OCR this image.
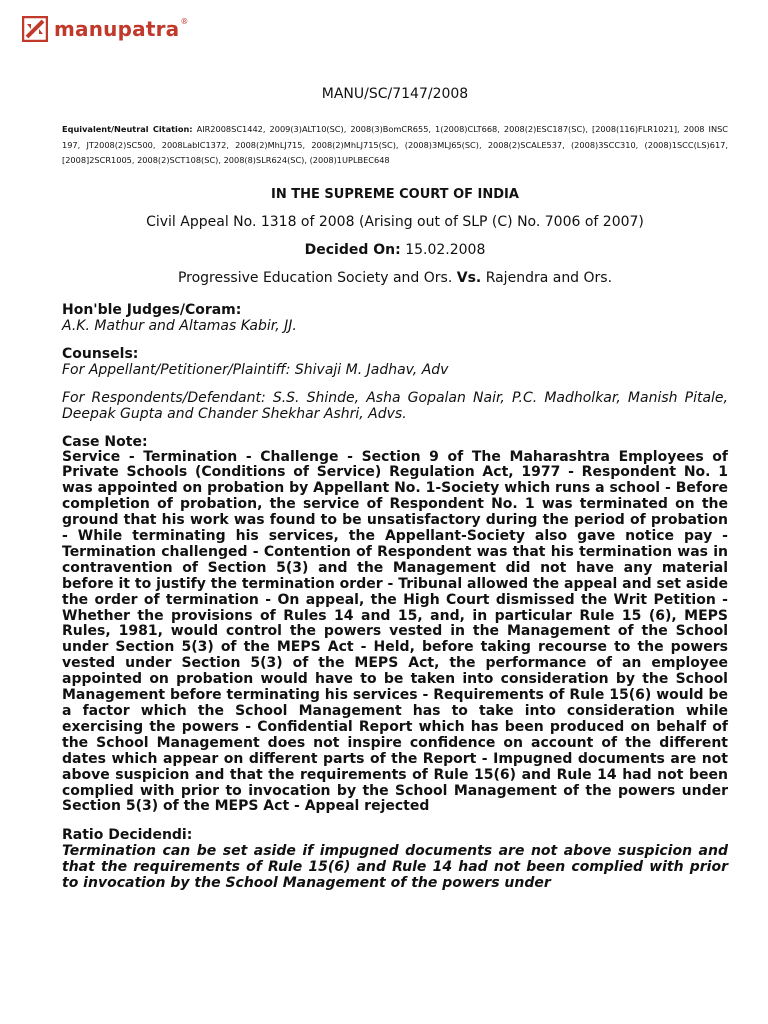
manupatra ®
MANU/SC/7147/2008
Equivalent/Neutral Citation: AIR2008SC1442, 2009(3)ALT10(SC), 2008(3)BomCR655, 1(2008)CLT668, 2008(2)ESC187(SC), [2008(116)FLR1021], 2008 INSC 197, JT2008(2)SC500, 2008LabIC1372, 2008(2)MhLJ715, 2008(2)MhLJ715(SC), (2008)3MLJ65(SC), 2008(2)SCALE537, (2008)3SCC310, (2008)1SCC(LS)617, [2008]2SCR1005, 2008(2)SCT108(SC), 2008(8)SLR624(SC), (2008)1UPLBEC648
IN THE SUPREME COURT OF INDIA
Civil Appeal No. 1318 of 2008 (Arising out of SLP (C) No. 7006 of 2007)
Decided On: 15.02.2008
Progressive Education Society and Ors. Vs. Rajendra and Ors.
Hon'ble Judges/Coram:
A.K. Mathur and Altamas Kabir, JJ.
Counsels:
For Appellant/Petitioner/Plaintiff: Shivaji M. Jadhav, Adv
For Respondents/Defendant: S.S. Shinde, Asha Gopalan Nair, P.C. Madholkar, Manish Pitale, Deepak Gupta and Chander Shekhar Ashri, Advs.
Case Note:
Service - Termination - Challenge - Section 9 of The Maharashtra Employees of Private Schools (Conditions of Service) Regulation Act, 1977 - Respondent No. 1 was appointed on probation by Appellant No. 1-Society which runs a school - Before completion of probation, the service of Respondent No. 1 was terminated on the ground that his work was found to be unsatisfactory during the period of probation - While terminating his services, the Appellant-Society also gave notice pay - Termination challenged - Contention of Respondent was that his termination was in contravention of Section 5(3) and the Management did not have any material before it to justify the termination order - Tribunal allowed the appeal and set aside the order of termination - On appeal, the High Court dismissed the Writ Petition - Whether the provisions of Rules 14 and 15, and, in particular Rule 15 (6), MEPS Rules, 1981, would control the powers vested in the Management of the School under Section 5(3) of the MEPS Act - Held, before taking recourse to the powers vested under Section 5(3) of the MEPS Act, the performance of an employee appointed on probation would have to be taken into consideration by the School Management before terminating his services - Requirements of Rule 15(6) would be a factor which the School Management has to take into consideration while exercising the powers - Confidential Report which has been produced on behalf of the School Management does not inspire confidence on account of the different dates which appear on different parts of the Report - Impugned documents are not above suspicion and that the requirements of Rule 15(6) and Rule 14 had not been complied with prior to invocation by the School Management of the powers under Section 5(3) of the MEPS Act - Appeal rejected
Ratio Decidendi:
Termination can be set aside if impugned documents are not above suspicion and that the requirements of Rule 15(6) and Rule 14 had not been complied with prior to invocation by the School Management of the powers under
